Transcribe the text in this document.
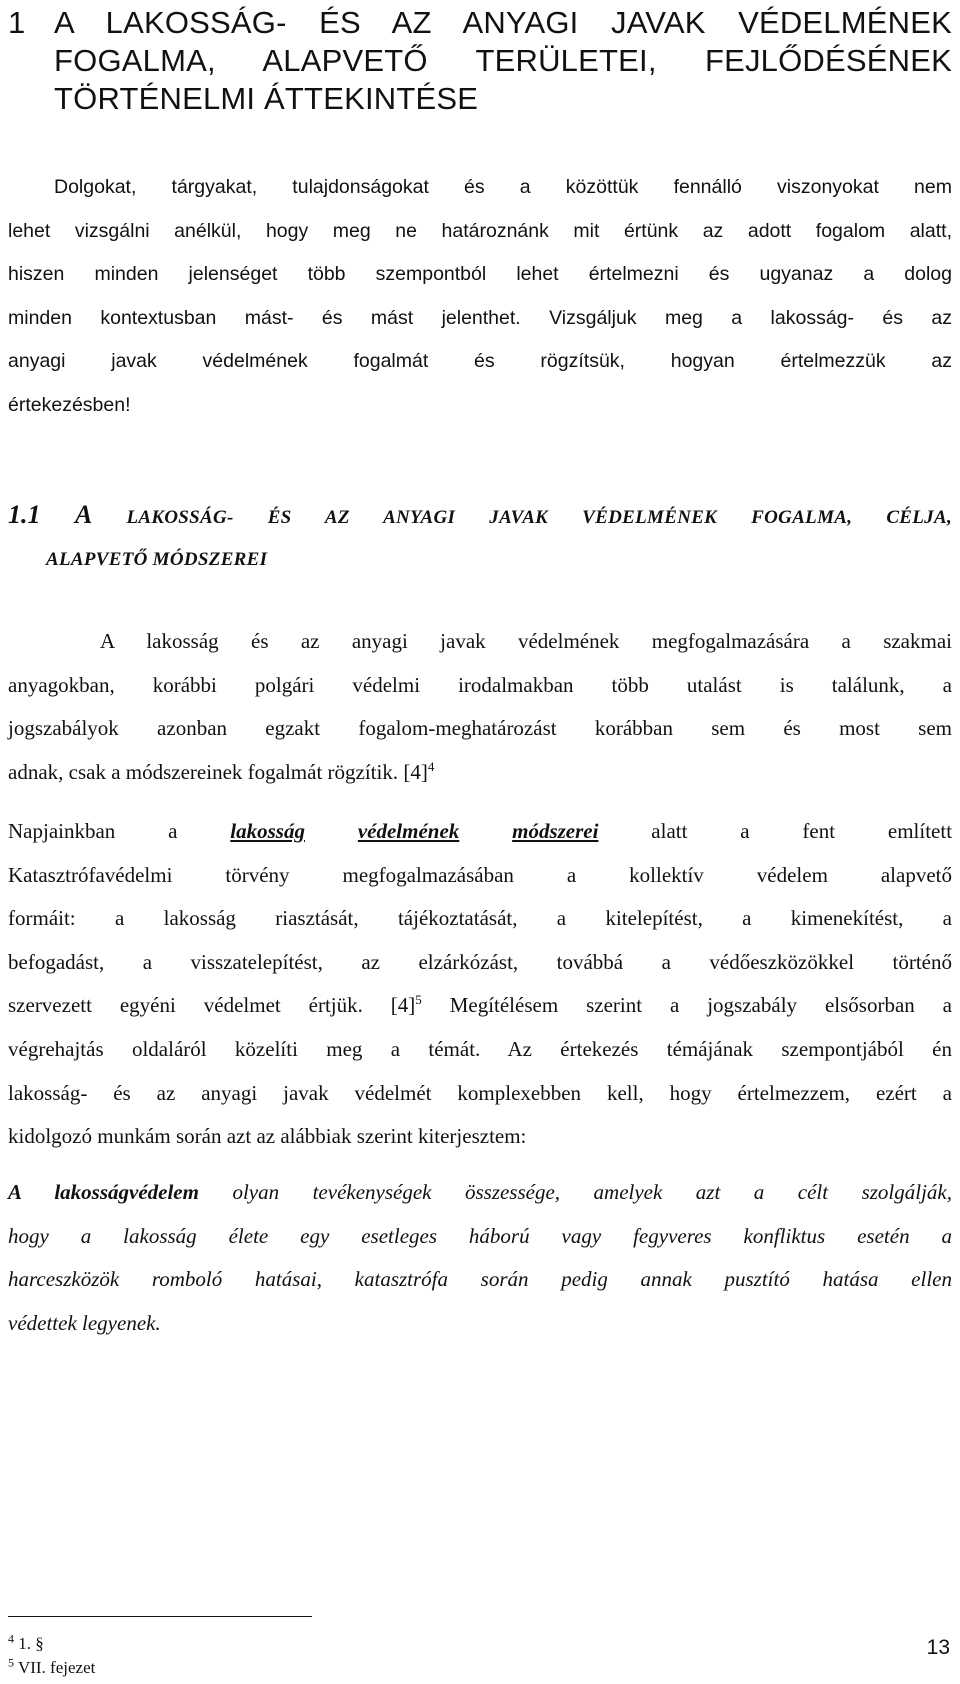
1 A LAKOSSÁG- ÉS AZ ANYAGI JAVAK VÉDELMÉNEK
FOGALMA, ALAPVETŐ TERÜLETEI, FEJLŐDÉSÉNEK
TÖRTÉNELMI ÁTTEKINTÉSE
Dolgokat, tárgyakat, tulajdonságokat és a közöttük fennálló viszonyokat nem
lehet vizsgálni anélkül, hogy meg ne határoznánk mit értünk az adott fogalom alatt,
hiszen minden jelenséget több szempontból lehet értelmezni és ugyanaz a dolog
minden kontextusban mást- és mást jelenthet. Vizsgáljuk meg a lakosság- és az
anyagi javak védelmének fogalmát és rögzítsük, hogyan értelmezzük az
értekezésben!
1.1 A LAKOSSÁG- ÉS AZ ANYAGI JAVAK VÉDELMÉNEK FOGALMA, CÉLJA,
ALAPVETŐ MÓDSZEREI
A lakosság és az anyagi javak védelmének megfogalmazására a szakmai
anyagokban, korábbi polgári védelmi irodalmakban több utalást is találunk, a
jogszabályok azonban egzakt fogalom-meghatározást korábban sem és most sem
adnak, csak a módszereinek fogalmát rögzítik. $[4]^4$
Napjainkban a	lakosság	védelmének	módszerei	alatt a fent említett
Katasztrófavédelmi törvény megfogalmazásában a kollektív védelem alapvető
formáit: a lakosság riasztását, tájékoztatását, a kitelepítést, a kimenekítést, a
befogadást, a visszatelepítést, az elzárkózást, továbbá a védőeszközökkel történő
szervezett egyéni védelmet értjük. $[4]^5$ Megítélésem szerint a jogszabály elsősorban a
végrehajtás oldaláról közelíti meg a témát. Az értekezés témájának szempontjából én
lakosság- és az anyagi javak védelmét komplexebben kell, hogy értelmezzem, ezért a
kidolgozó munkám során azt az alábbiak szerint kiterjesztem:
A lakosságvédelem olyan tevékenységek összessége, amelyek azt a célt szolgálják,
hogy a lakosság élete egy esetleges háború vagy fegyveres konfliktus esetén a
harceszközök romboló hatásai, katasztrófa során pedig annak pusztító hatása ellen
védettek legyenek.
$^4$ 1. §
$^5$ VII. fejezet
13
